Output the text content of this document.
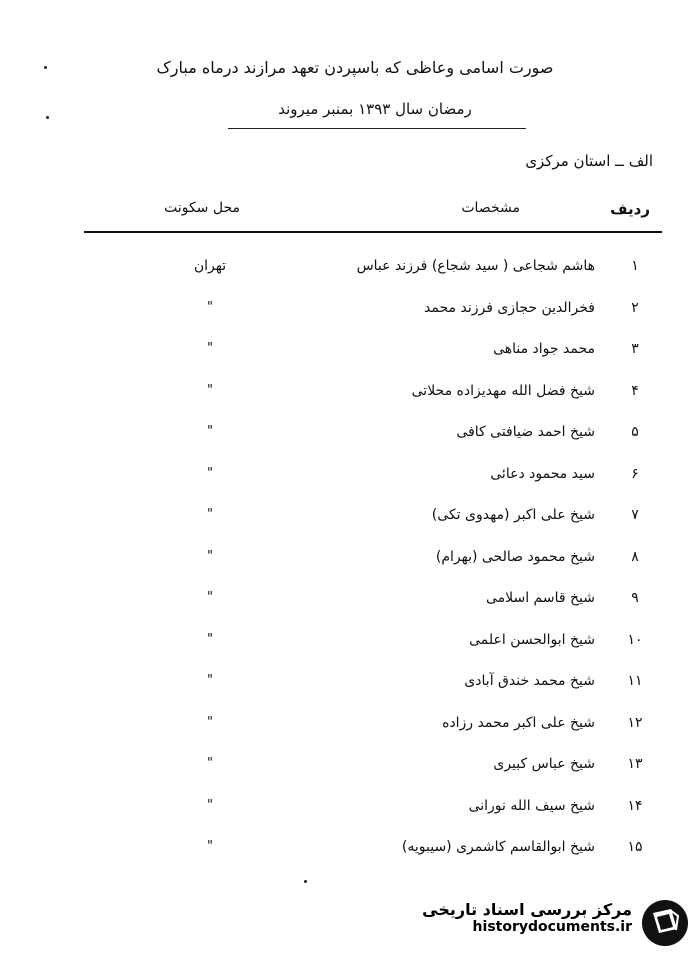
صورت اسامی وعاظی که باسپردن تعهد مرازند درماه مبارک
رمضان سال ۱۳۹۳ بمنبر میروند
الف ــ استان مرکزی
ردیف
مشخصات
محل سکونت
۱
هاشم شجاعی ( سید شجاع) فرزند عباس
تهران
۲
فخرالدین حجازی فرزند محمد
"
۳
محمد جواد مناهی
"
۴
شیخ فضل الله مهدیزاده محلاتی
"
۵
شیخ احمد ضیافتی کافی
"
۶
سید محمود دعائی
"
۷
شیخ علی اکبر (مهدوی تکی)
"
۸
شیخ محمود صالحی (بهرام)
"
۹
شیخ قاسم اسلامی
"
۱۰
شیخ ابوالحسن اعلمی
"
۱۱
شیخ محمد خندق آبادی
"
۱۲
شیخ علی اکبر محمد رزاده
"
۱۳
شیخ عباس کبیری
"
۱۴
شیخ سیف الله نورانی
"
۱۵
شیخ ابوالقاسم کاشمری (سیبویه)
"
مرکز بررسی اسناد تاریخی
historydocuments.ir
